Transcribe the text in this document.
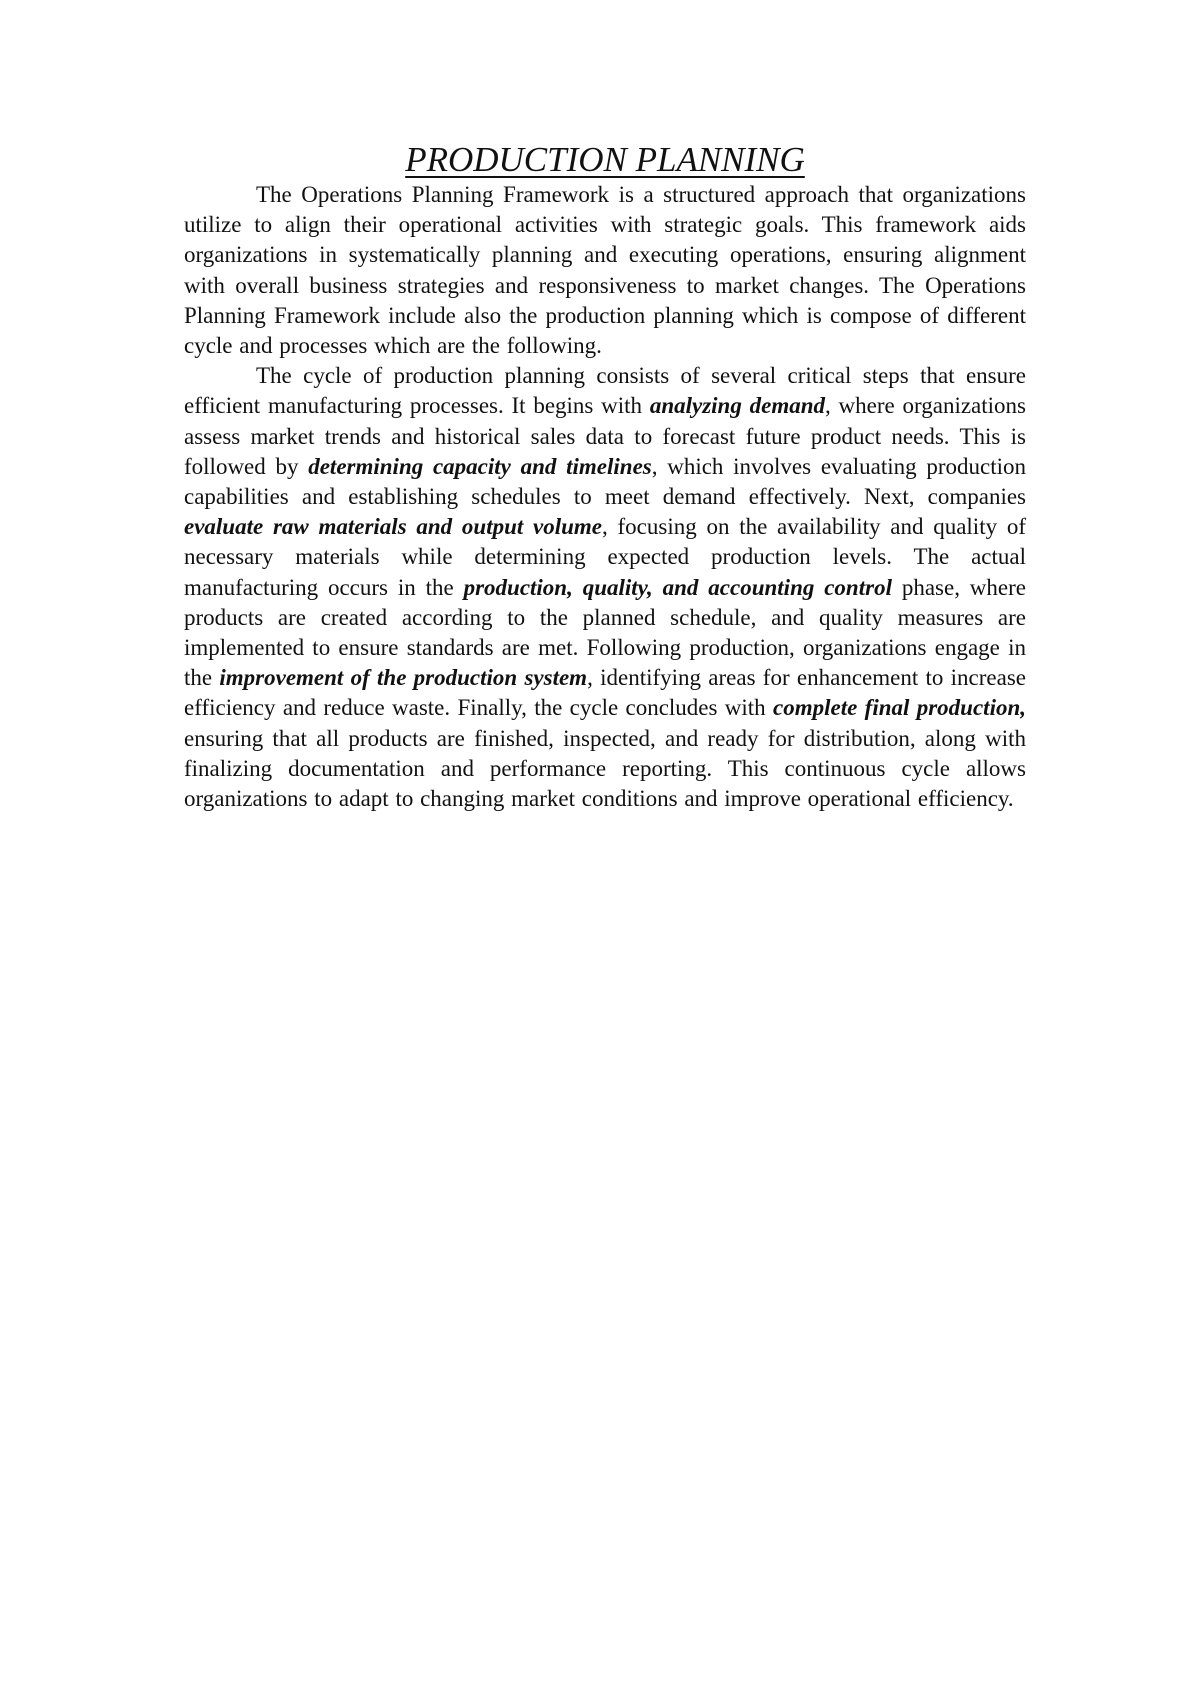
PRODUCTION PLANNING

The Operations Planning Framework is a structured approach that organizations utilize to align their operational activities with strategic goals. This framework aids organizations in systematically planning and executing operations, ensuring alignment with overall business strategies and responsiveness to market changes. The Operations Planning Framework include also the production planning which is compose of different cycle and processes which are the following.

The cycle of production planning consists of several critical steps that ensure efficient manufacturing processes. It begins with analyzing demand, where organizations assess market trends and historical sales data to forecast future product needs. This is followed by determining capacity and timelines, which involves evaluating production capabilities and establishing schedules to meet demand effectively. Next, companies evaluate raw materials and output volume, focusing on the availability and quality of necessary materials while determining expected production levels. The actual manufacturing occurs in the production, quality, and accounting control phase, where products are created according to the planned schedule, and quality measures are implemented to ensure standards are met. Following production, organizations engage in the improvement of the production system, identifying areas for enhancement to increase efficiency and reduce waste. Finally, the cycle concludes with complete final production, ensuring that all products are finished, inspected, and ready for distribution, along with finalizing documentation and performance reporting. This continuous cycle allows organizations to adapt to changing market conditions and improve operational efficiency.
